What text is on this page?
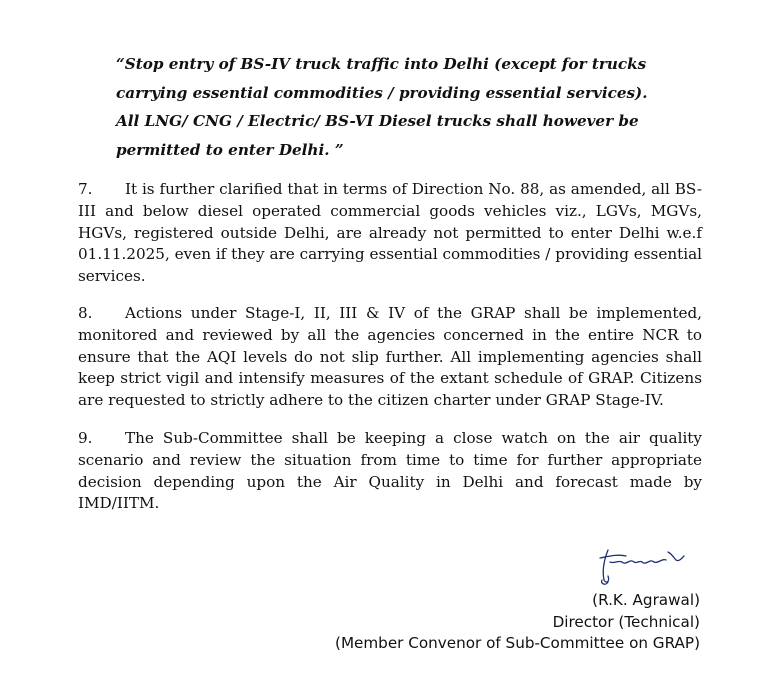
“Stop entry of BS-IV truck traffic into Delhi (except for trucks
carrying essential commodities / providing essential services).
All LNG/ CNG / Electric/ BS-VI Diesel trucks shall however be
permitted to enter Delhi. ”

7. It is further clarified that in terms of Direction No. 88, as amended, all BS-III and below diesel operated commercial goods vehicles viz., LGVs, MGVs, HGVs, registered outside Delhi, are already not permitted to enter Delhi w.e.f 01.11.2025, even if they are carrying essential commodities / providing essential services.

8. Actions under Stage-I, II, III & IV of the GRAP shall be implemented, monitored and reviewed by all the agencies concerned in the entire NCR to ensure that the AQI levels do not slip further. All implementing agencies shall keep strict vigil and intensify measures of the extant schedule of GRAP. Citizens are requested to strictly adhere to the citizen charter under GRAP Stage-IV.

9. The Sub-Committee shall be keeping a close watch on the air quality scenario and review the situation from time to time for further appropriate decision depending upon the Air Quality in Delhi and forecast made by IMD/IITM.

(R.K. Agrawal)
Director (Technical)
(Member Convenor of Sub-Committee on GRAP)
